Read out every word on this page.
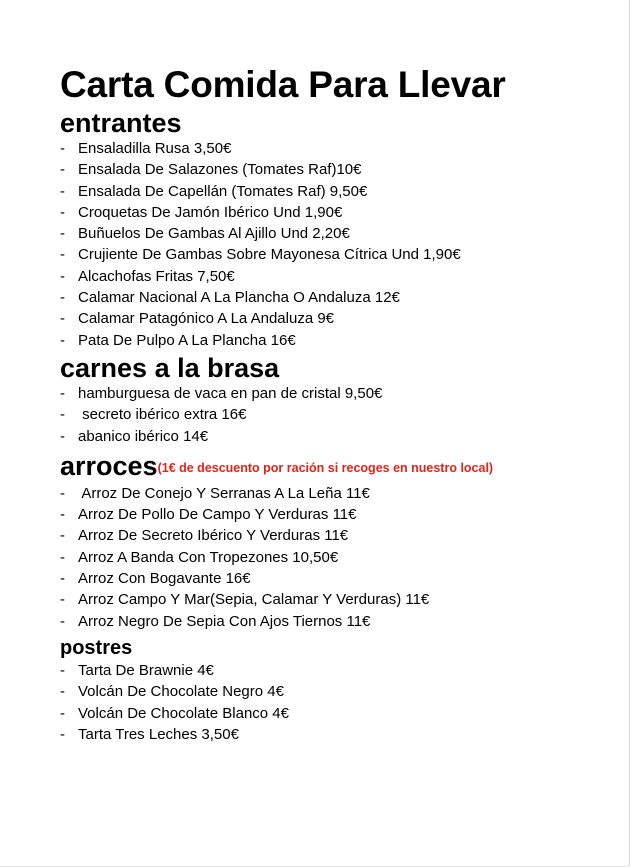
Carta Comida Para Llevar
entrantes
- Ensaladilla Rusa 3,50€
- Ensalada De Salazones (Tomates Raf)10€
- Ensalada De Capellán (Tomates Raf) 9,50€
- Croquetas De Jamón Ibérico Und 1,90€
- Buñuelos De Gambas Al Ajillo Und 2,20€
- Crujiente De Gambas Sobre Mayonesa Cítrica Und 1,90€
- Alcachofas Fritas 7,50€
- Calamar Nacional A La Plancha O Andaluza 12€
- Calamar Patagónico A La Andaluza 9€
- Pata De Pulpo A La Plancha 16€
carnes a la brasa
- hamburguesa de vaca en pan de cristal 9,50€
- secreto ibérico extra 16€
- abanico ibérico 14€
arroces(1€ de descuento por ración si recoges en nuestro local)
- Arroz De Conejo Y Serranas A La Leña 11€
- Arroz De Pollo De Campo Y Verduras 11€
- Arroz De Secreto Ibérico Y Verduras 11€
- Arroz A Banda Con Tropezones 10,50€
- Arroz Con Bogavante 16€
- Arroz Campo Y Mar(Sepia, Calamar Y Verduras) 11€
- Arroz Negro De Sepia Con Ajos Tiernos 11€
postres
- Tarta De Brawnie 4€
- Volcán De Chocolate Negro 4€
- Volcán De Chocolate Blanco 4€
- Tarta Tres Leches 3,50€
